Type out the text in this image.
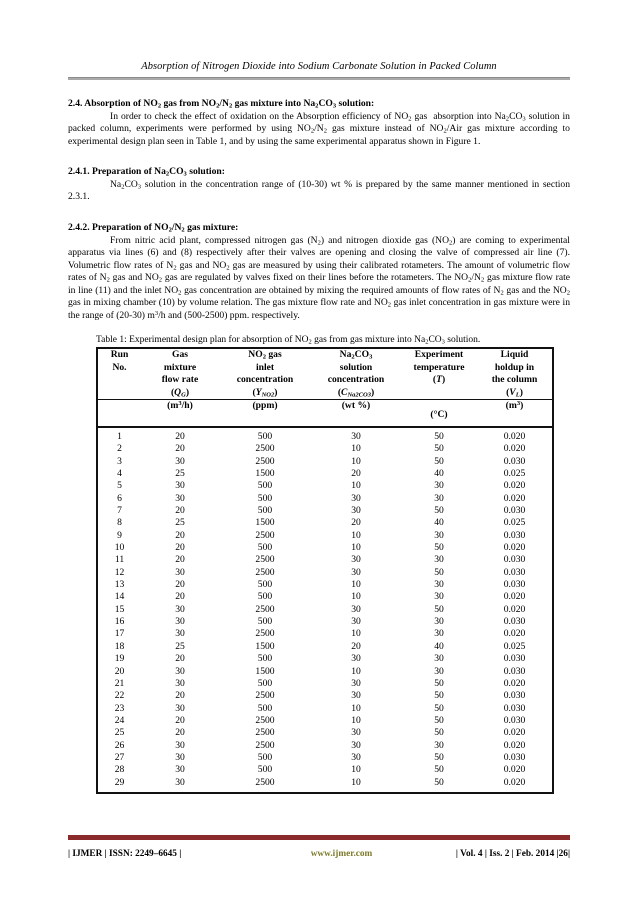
Absorption of Nitrogen Dioxide into Sodium Carbonate Solution in Packed Column
2.4. Absorption of $NO_2$ gas from $NO_2/N_2$ gas mixture into $Na_2CO_3$ solution:
In order to check the effect of oxidation on the Absorption efficiency of $NO_2$ gas  absorption into $Na_2CO_3$ solution in packed column, experiments were performed by using $NO_2/N_2$ gas mixture instead of $NO_2$/Air gas mixture according to experimental design plan seen in Table 1, and by using the same experimental apparatus shown in Figure 1.
2.4.1. Preparation of $Na_2CO_3$ solution:
$Na_2CO_3$ solution in the concentration range of (10-30) wt % is prepared by the same manner mentioned in section 2.3.1.
2.4.2. Preparation of $NO_2/N_2$ gas mixture:
From nitric acid plant, compressed nitrogen gas $(N_2)$ and nitrogen dioxide gas $(NO_2)$ are coming to experimental apparatus via lines (6) and (8) respectively after their valves are opening and closing the valve of compressed air line (7). Volumetric flow rates of $N_2$ gas and $NO_2$ gas are measured by using their calibrated rotameters. The amount of volumetric flow rates of $N_2$ gas and $NO_2$ gas are regulated by valves fixed on their lines before the rotameters. The $NO_2/N_2$ gas mixture flow rate in line (11) and the inlet $NO_2$ gas concentration are obtained by mixing the required amounts of flow rates of $N_2$ gas and the $NO_2$ gas in mixing chamber (10) by volume relation. The gas mixture flow rate and $NO_2$ gas inlet concentration in gas mixture were in the range of (20-30) $m^3/h$ and (500-2500) ppm. respectively.
Table 1: Experimental design plan for absorption of $NO_2$ gas from gas mixture into $Na_2CO_3$ solution.
Run
No.	Gas
mixture
flow rate
$(Q_G)$	$NO_2$ gas
inlet
concentration
$(Y_{NO2})$	$Na_2CO_3$
solution
concentration
$(C_{Na2CO3})$	Experiment
temperature
(T)	Liquid
holdup in
the column
$(V_L)$
	$(m^3/h)$	(ppm)	(wt %)	(°C)	$(m^3)$
1	20	500	30	50	0.020
2	20	2500	10	50	0.020
3	30	2500	10	50	0.030
4	25	1500	20	40	0.025
5	30	500	10	30	0.020
6	30	500	30	30	0.020
7	20	500	30	50	0.030
8	25	1500	20	40	0.025
9	20	2500	10	30	0.030
10	20	500	10	50	0.020
11	20	2500	30	30	0.030
12	30	2500	30	50	0.030
13	20	500	10	30	0.030
14	20	500	10	30	0.020
15	30	2500	30	50	0.020
16	30	500	30	30	0.030
17	30	2500	10	30	0.020
18	25	1500	20	40	0.025
19	20	500	30	30	0.030
20	30	1500	10	30	0.030
21	30	500	30	50	0.020
22	20	2500	30	50	0.030
23	30	500	10	50	0.030
24	20	2500	10	50	0.030
25	20	2500	30	50	0.020
26	30	2500	30	30	0.020
27	30	500	30	50	0.030
28	30	500	10	50	0.020
29	30	2500	10	50	0.020
| IJMER | ISSN: 2249–6645 |	www.ijmer.com	| Vol. 4 | Iss. 2 | Feb. 2014 |26|
